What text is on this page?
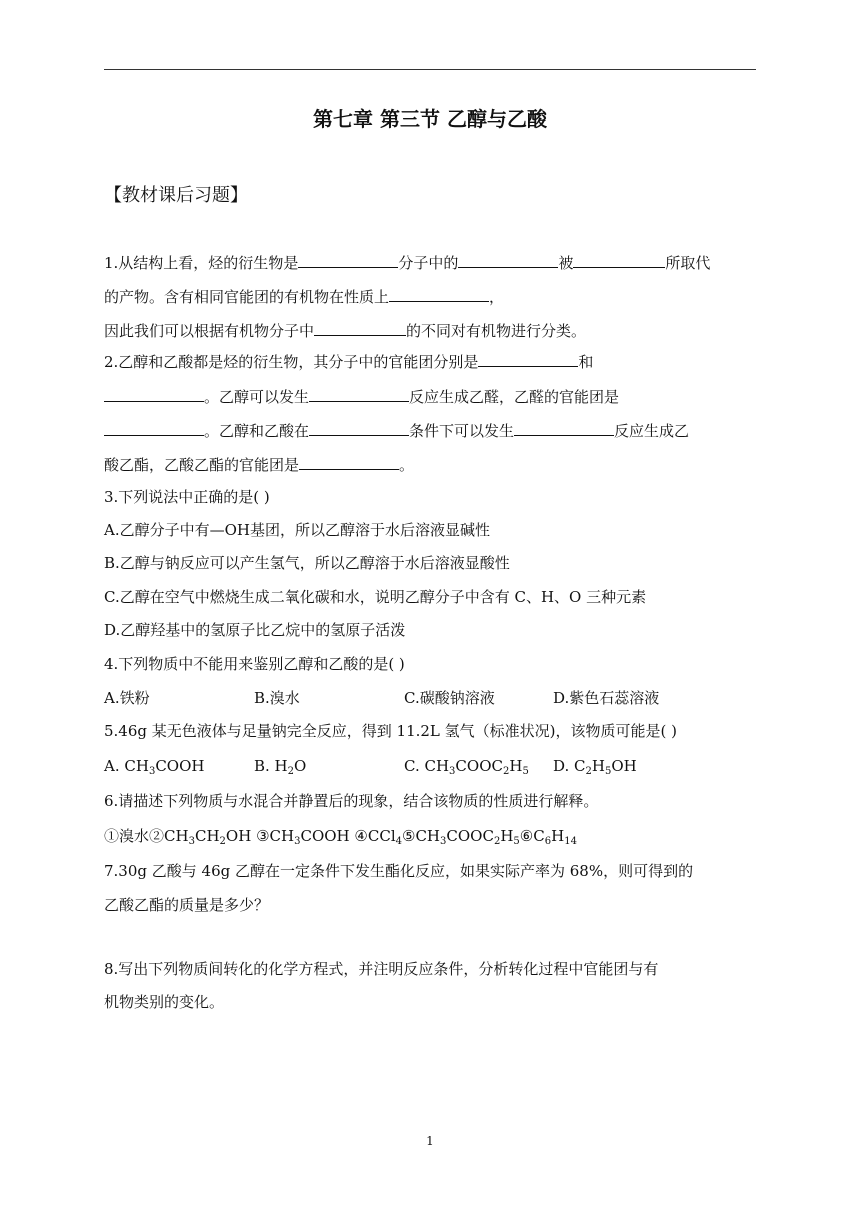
第七章 第三节 乙醇与乙酸
【教材课后习题】
1.从结构上看，烃的衍生物是	分子中的	被	所取代
的产物。含有相同官能团的有机物在性质上	，
因此我们可以根据有机物分子中	的不同对有机物进行分类。
2.乙醇和乙酸都是烃的衍生物，其分子中的官能团分别是	和
。乙醇可以发生	反应生成乙醛，乙醛的官能团是
。乙醇和乙酸在	条件下可以发生	反应生成乙
酸乙酯，乙酸乙酯的官能团是	。
3.下列说法中正确的是( )
A.乙醇分子中有—OH基团，所以乙醇溶于水后溶液显碱性
B.乙醇与钠反应可以产生氢气，所以乙醇溶于水后溶液显酸性
C.乙醇在空气中燃烧生成二氧化碳和水，说明乙醇分子中含有 C、H、O 三种元素
D.乙醇羟基中的氢原子比乙烷中的氢原子活泼
4.下列物质中不能用来鉴别乙醇和乙酸的是( )
A.铁粉	B.溴水	C.碳酸钠溶液	D.紫色石蕊溶液
5.46g 某无色液体与足量钠完全反应，得到 11.2L 氢气（标准状况)，该物质可能是( )
A. $CH_3COOH$	B. $H_2O$	C. $CH_3COOC_2H_5$ D. $C_2H_5OH$
6.请描述下列物质与水混合并静置后的现象，结合该物质的性质进行解释。
①溴水$②CH_3CH_2OH$ $③CH_3COOH$ $④CCl_4⑤CH_3COOC_2H_5⑥C_6H_{14}$
7.30g 乙酸与 46g 乙醇在一定条件下发生酯化反应，如果实际产率为 68%，则可得到的
乙酸乙酯的质量是多少？
8.写出下列物质间转化的化学方程式，并注明反应条件，分析转化过程中官能团与有
机物类别的变化。
1
